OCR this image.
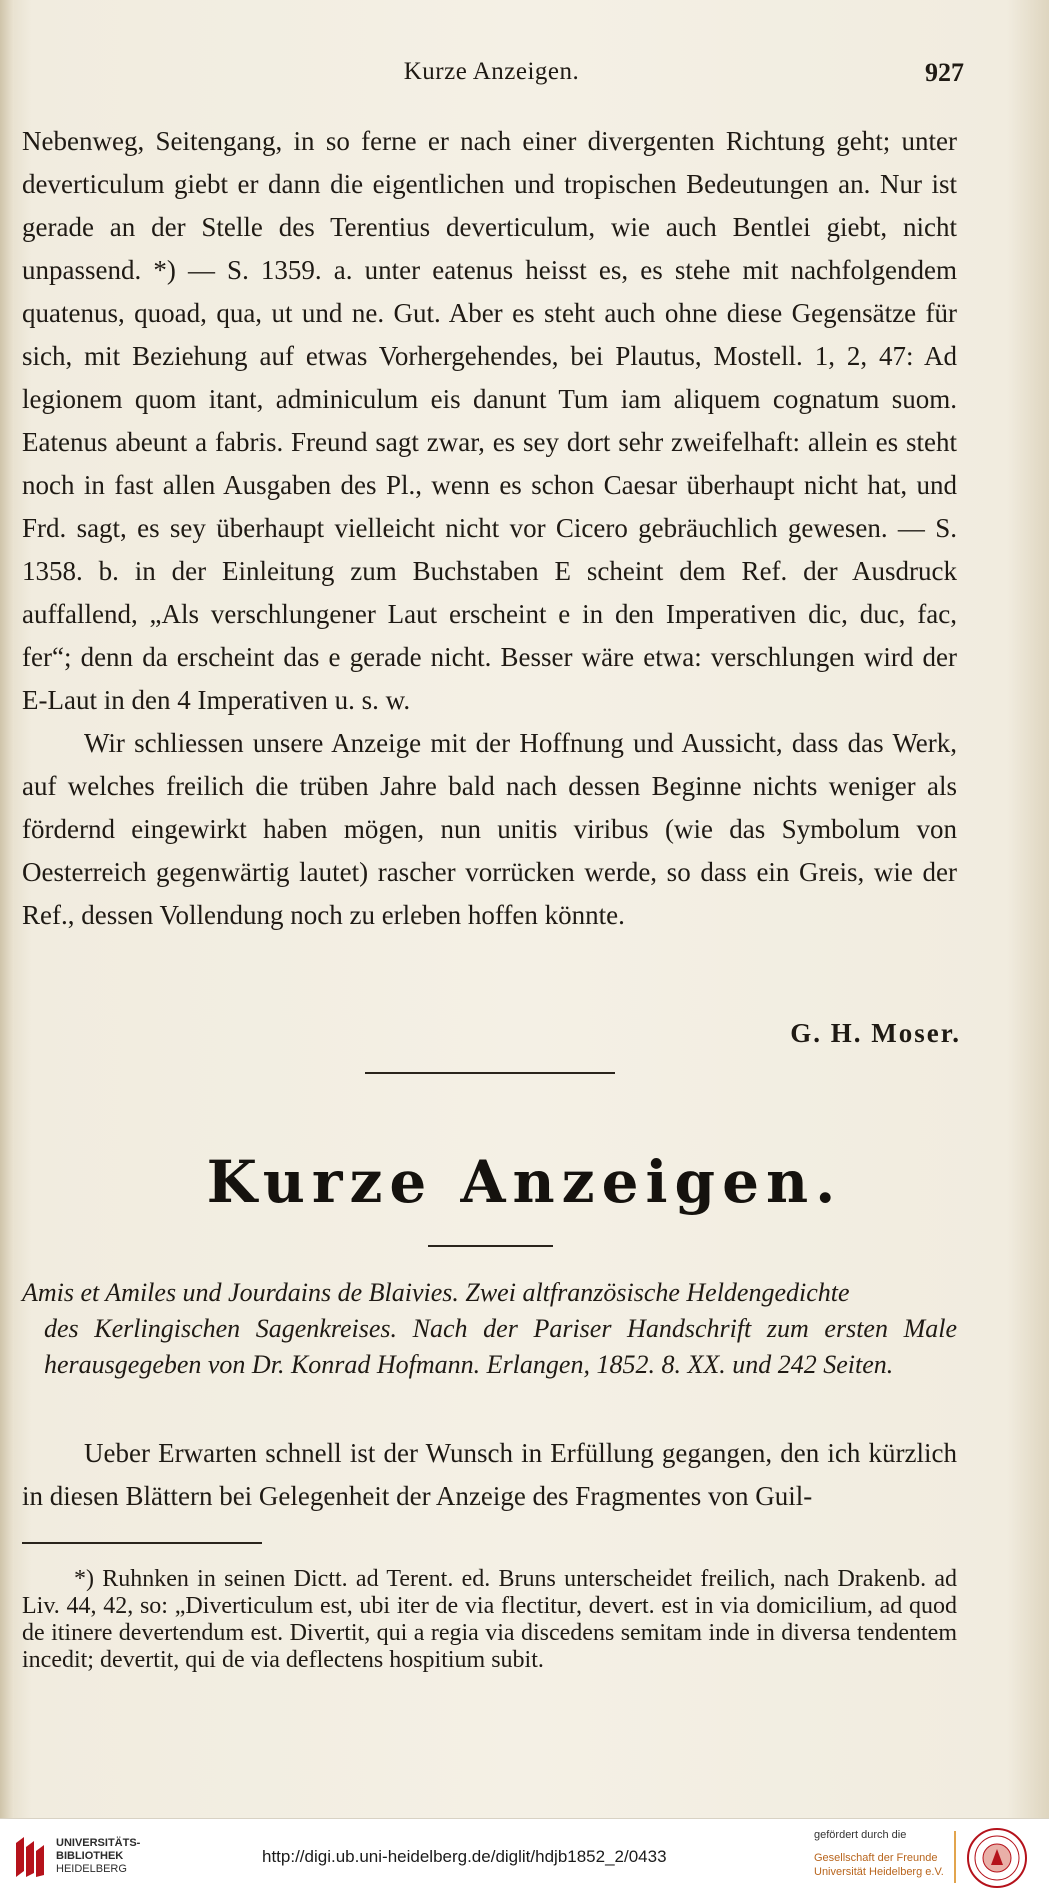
Kurze Anzeigen.	927

Nebenweg, Seitengang, in so ferne er nach einer divergenten Richtung geht; unter deverticulum giebt er dann die eigentlichen und tropischen Bedeutungen an. Nur ist gerade an der Stelle des Terentius deverticulum, wie auch Bentlei giebt, nicht unpassend. *) — S. 1359. a. unter eatenus heisst es, es stehe mit nachfolgendem quatenus, quoad, qua, ut und ne. Gut. Aber es steht auch ohne diese Gegensätze für sich, mit Beziehung auf etwas Vorhergehendes, bei Plautus, Mostell. 1, 2, 47: Ad legionem quom itant, adminiculum eis danunt Tum iam aliquem cognatum suom. Eatenus abeunt a fabris. Freund sagt zwar, es sey dort sehr zweifelhaft: allein es steht noch in fast allen Ausgaben des Pl., wenn es schon Caesar überhaupt nicht hat, und Frd. sagt, es sey überhaupt vielleicht nicht vor Cicero gebräuchlich gewesen. — S. 1358. b. in der Einleitung zum Buchstaben E scheint dem Ref. der Ausdruck auffallend, „Als verschlungener Laut erscheint e in den Imperativen dic, duc, fac, fer“; denn da erscheint das e gerade nicht. Besser wäre etwa: verschlungen wird der E-Laut in den 4 Imperativen u. s. w.

Wir schliessen unsere Anzeige mit der Hoffnung und Aussicht, dass das Werk, auf welches freilich die trüben Jahre bald nach dessen Beginne nichts weniger als fördernd eingewirkt haben mögen, nun unitis viribus (wie das Symbolum von Oesterreich gegenwärtig lautet) rascher vorrücken werde, so dass ein Greis, wie der Ref., dessen Vollendung noch zu erleben hoffen könnte.

G. H. Moser.
Kurze Anzeigen.
Amis et Amiles und Jourdains de Blaivies. Zwei altfranzösische Heldengedichte
des Kerlingischen Sagenkreises. Nach der Pariser Handschrift zum ersten Male herausgegeben von Dr. Konrad Hofmann. Erlangen, 1852. 8. XX. und 242 Seiten.
Ueber Erwarten schnell ist der Wunsch in Erfüllung gegangen, den ich kürzlich in diesen Blättern bei Gelegenheit der Anzeige des Fragmentes von Guil-
*) Ruhnken in seinen Dictt. ad Terent. ed. Bruns unterscheidet freilich, nach Drakenb. ad Liv. 44, 42, so: „Diverticulum est, ubi iter de via flectitur, devert. est in via domicilium, ad quod de itinere devertendum est. Divertit, qui a regia via discedens semitam inde in diversa tendentem incedit; devertit, qui de via deflectens hospitium subit.
UNIVERSITÄTS-
BIBLIOTHEK
HEIDELBERG
http://digi.ub.uni-heidelberg.de/diglit/hdjb1852_2/0433
gefördert durch die
Gesellschaft der Freunde
Universität Heidelberg e.V.
